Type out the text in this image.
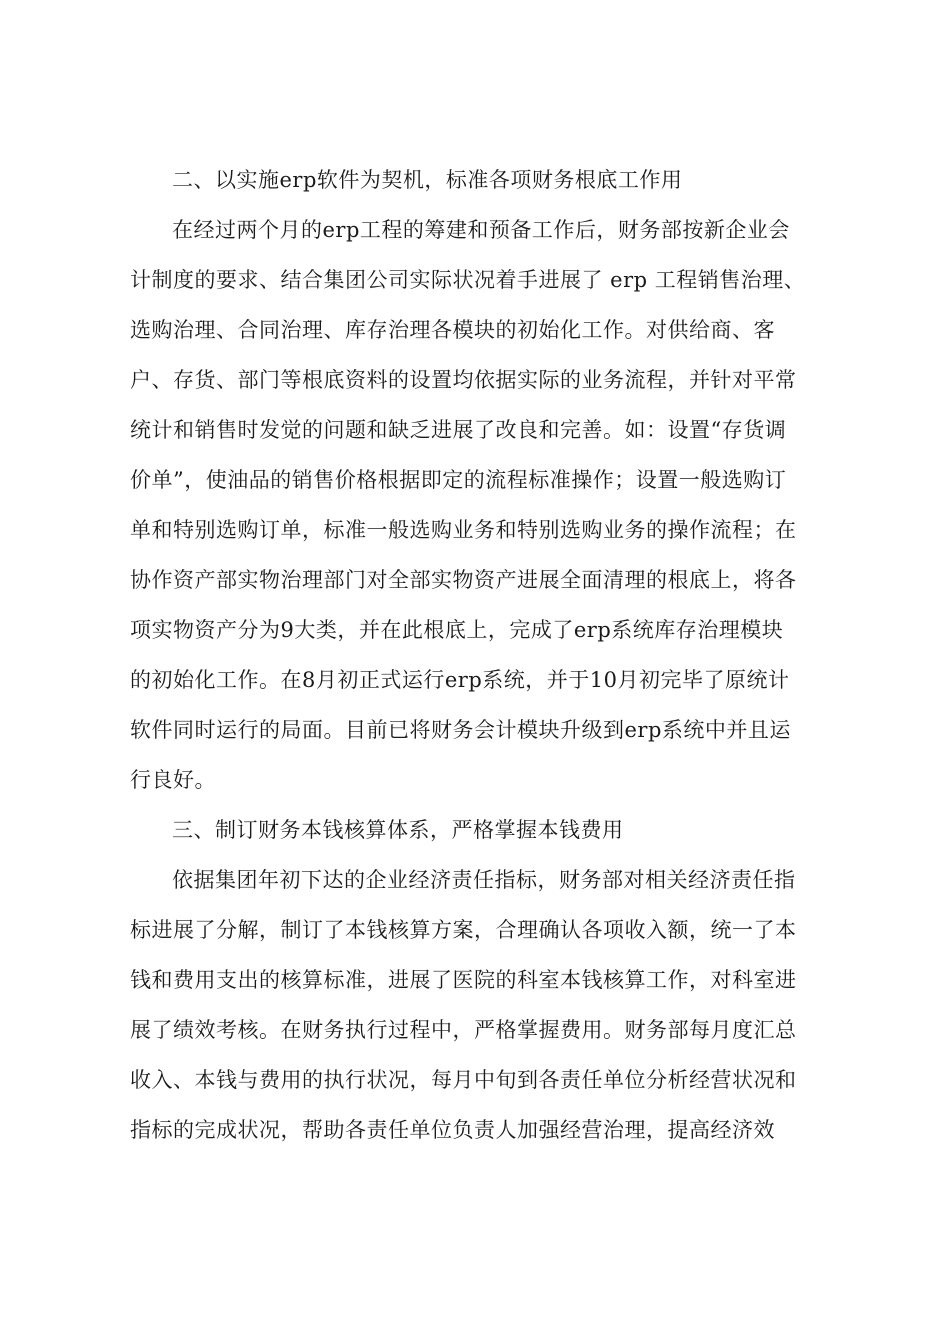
二、以实施erp软件为契机，标准各项财务根底工作用
在经过两个月的erp工程的筹建和预备工作后，财务部按新企业会
计制度的要求、结合集团公司实际状况着手进展了 erp 工程销售治理、
选购治理、合同治理、库存治理各模块的初始化工作。对供给商、客
户、存货、部门等根底资料的设置均依据实际的业务流程，并针对平常
统计和销售时发觉的问题和缺乏进展了改良和完善。如：设置“存货调
价单”，使油品的销售价格根据即定的流程标准操作；设置一般选购订
单和特别选购订单，标准一般选购业务和特别选购业务的操作流程；在
协作资产部实物治理部门对全部实物资产进展全面清理的根底上，将各
项实物资产分为9大类，并在此根底上，完成了erp系统库存治理模块
的初始化工作。在8月初正式运行erp系统，并于10月初完毕了原统计
软件同时运行的局面。目前已将财务会计模块升级到erp系统中并且运
行良好。
三、制订财务本钱核算体系，严格掌握本钱费用
依据集团年初下达的企业经济责任指标，财务部对相关经济责任指
标进展了分解，制订了本钱核算方案，合理确认各项收入额，统一了本
钱和费用支出的核算标准，进展了医院的科室本钱核算工作，对科室进
展了绩效考核。在财务执行过程中，严格掌握费用。财务部每月度汇总
收入、本钱与费用的执行状况，每月中旬到各责任单位分析经营状况和
指标的完成状况，帮助各责任单位负责人加强经营治理，提高经济效
